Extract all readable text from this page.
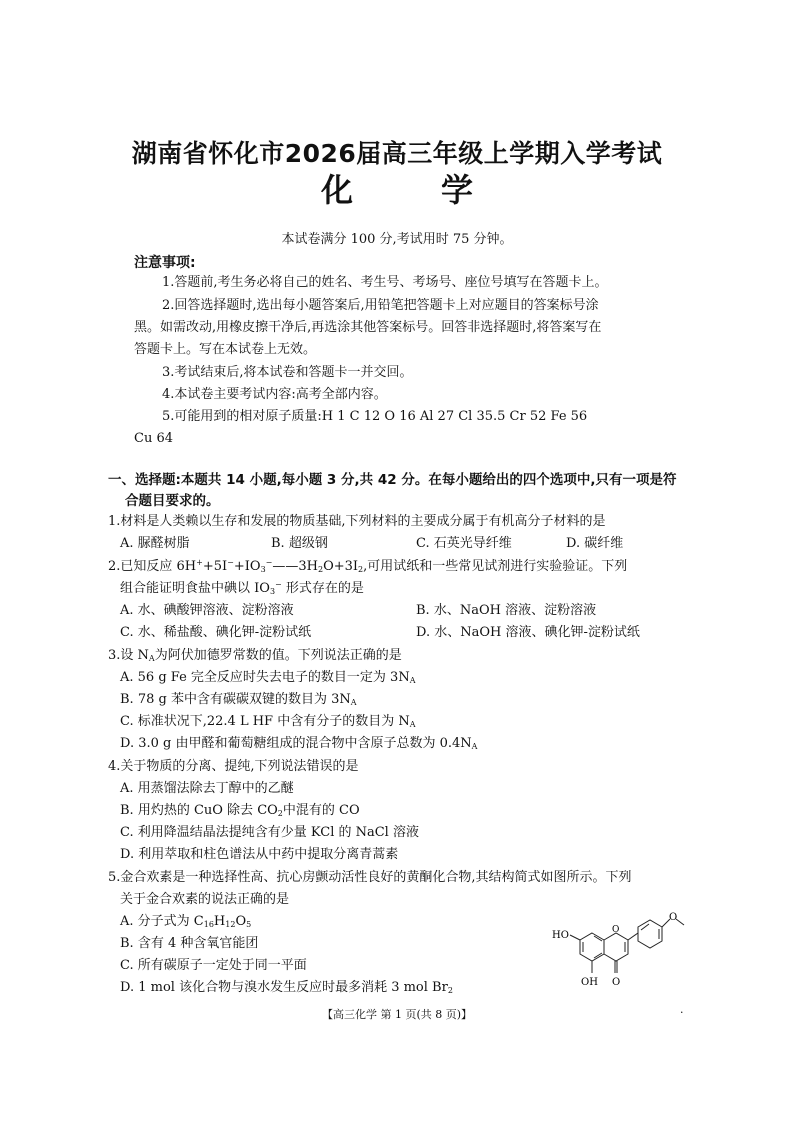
湖南省怀化市2026届高三年级上学期入学考试
化	学
本试卷满分 100 分,考试用时 75 分钟。
注意事项:
1.答题前,考生务必将自己的姓名、考生号、考场号、座位号填写在答题卡上。
2.回答选择题时,选出每小题答案后,用铅笔把答题卡上对应题目的答案标号涂
黑。如需改动,用橡皮擦干净后,再选涂其他答案标号。回答非选择题时,将答案写在
答题卡上。写在本试卷上无效。
3.考试结束后,将本试卷和答题卡一并交回。
4.本试卷主要考试内容:高考全部内容。
5.可能用到的相对原子质量:H 1 C 12 O 16 Al 27 Cl 35.5 Cr 52 Fe 56
Cu 64
一、选择题:本题共 14 小题,每小题 3 分,共 42 分。在每小题给出的四个选项中,只有一项是符
合题目要求的。
1.材料是人类赖以生存和发展的物质基础,下列材料的主要成分属于有机高分子材料的是
A. 脲醛树脂	B. 超级钢	C. 石英光导纤维	D. 碳纤维
2.已知反应 $6H^++5I^-+IO_3^-——3H_2O+3I_2$,可用试纸和一些常见试剂进行实验验证。下列
组合能证明食盐中碘以 $IO_3^-$ 形式存在的是
A. 水、碘酸钾溶液、淀粉溶液	B. 水、NaOH 溶液、淀粉溶液
C. 水、稀盐酸、碘化钾-淀粉试纸	D. 水、NaOH 溶液、碘化钾-淀粉试纸
3.设 $N_A$为阿伏加德罗常数的值。下列说法正确的是
A. 56 g Fe 完全反应时失去电子的数目一定为 $3N_A$
B. 78 g 苯中含有碳碳双键的数目为 $3N_A$
C. 标准状况下,22.4 L HF 中含有分子的数目为 $N_A$
D. 3.0 g 由甲醛和葡萄糖组成的混合物中含原子总数为 $0.4N_A$
4.关于物质的分离、提纯,下列说法错误的是
A. 用蒸馏法除去丁醇中的乙醚
B. 用灼热的 CuO 除去 $CO_2$中混有的 CO
C. 利用降温结晶法提纯含有少量 KCl 的 NaCl 溶液
D. 利用萃取和柱色谱法从中药中提取分离青蒿素
5.金合欢素是一种选择性高、抗心房颤动活性良好的黄酮化合物,其结构简式如图所示。下列
关于金合欢素的说法正确的是
A. 分子式为 $C_{16}H_{12}O_5$
B. 含有 4 种含氧官能团
C. 所有碳原子一定处于同一平面
D. 1 mol 该化合物与溴水发生反应时最多消耗 3 mol $Br_2$
HO	O
OH O
O
【高三化学 第 1 页(共 8 页)】	·
